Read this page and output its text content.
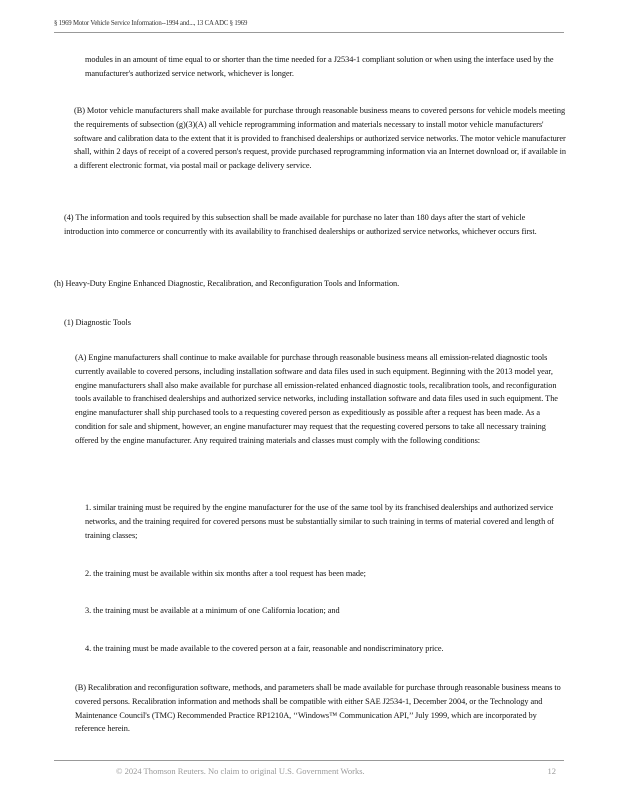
§ 1969 Motor Vehicle Service Information--1994 and..., 13 CA ADC § 1969

modules in an amount of time equal to or shorter than the time needed for a J2534-1 compliant solution or when using the interface used by the manufacturer's authorized service network, whichever is longer.

(B) Motor vehicle manufacturers shall make available for purchase through reasonable business means to covered persons for vehicle models meeting the requirements of subsection (g)(3)(A) all vehicle reprogramming information and materials necessary to install motor vehicle manufacturers' software and calibration data to the extent that it is provided to franchised dealerships or authorized service networks. The motor vehicle manufacturer shall, within 2 days of receipt of a covered person's request, provide purchased reprogramming information via an Internet download or, if available in a different electronic format, via postal mail or package delivery service.

(4) The information and tools required by this subsection shall be made available for purchase no later than 180 days after the start of vehicle introduction into commerce or concurrently with its availability to franchised dealerships or authorized service networks, whichever occurs first.

(h) Heavy-Duty Engine Enhanced Diagnostic, Recalibration, and Reconfiguration Tools and Information.

(1) Diagnostic Tools

(A) Engine manufacturers shall continue to make available for purchase through reasonable business means all emission-related diagnostic tools currently available to covered persons, including installation software and data files used in such equipment. Beginning with the 2013 model year, engine manufacturers shall also make available for purchase all emission-related enhanced diagnostic tools, recalibration tools, and reconfiguration tools available to franchised dealerships and authorized service networks, including installation software and data files used in such equipment. The engine manufacturer shall ship purchased tools to a requesting covered person as expeditiously as possible after a request has been made. As a condition for sale and shipment, however, an engine manufacturer may request that the requesting covered persons to take all necessary training offered by the engine manufacturer. Any required training materials and classes must comply with the following conditions:

1. similar training must be required by the engine manufacturer for the use of the same tool by its franchised dealerships and authorized service networks, and the training required for covered persons must be substantially similar to such training in terms of material covered and length of training classes;

2. the training must be available within six months after a tool request has been made;

3. the training must be available at a minimum of one California location; and

4. the training must be made available to the covered person at a fair, reasonable and nondiscriminatory price.

(B) Recalibration and reconfiguration software, methods, and parameters shall be made available for purchase through reasonable business means to covered persons. Recalibration information and methods shall be compatible with either SAE J2534-1, December 2004, or the Technology and Maintenance Council's (TMC) Recommended Practice RP1210A, ‘‘Windows™ Communication API,’’ July 1999, which are incorporated by reference herein.

© 2024 Thomson Reuters. No claim to original U.S. Government Works.	12
